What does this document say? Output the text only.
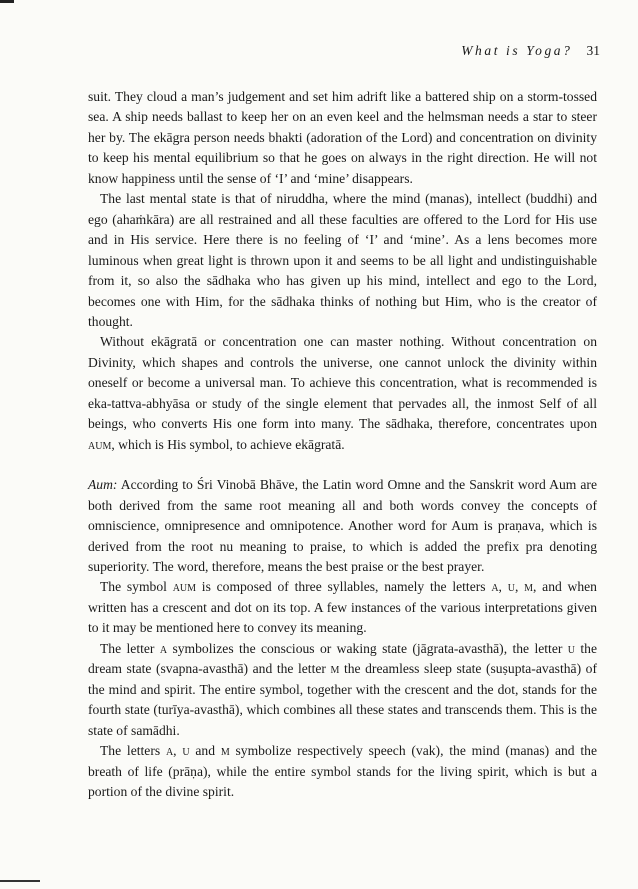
What is Yoga? 31

suit. They cloud a man’s judgement and set him adrift like a battered ship on a storm-tossed sea. A ship needs ballast to keep her on an even keel and the helmsman needs a star to steer her by. The ekāgra person needs bhakti (adoration of the Lord) and concentration on divinity to keep his mental equilibrium so that he goes on always in the right direction. He will not know happiness until the sense of ‘I’ and ‘mine’ disappears.

The last mental state is that of niruddha, where the mind (manas), intellect (buddhi) and ego (ahaṁkāra) are all restrained and all these faculties are offered to the Lord for His use and in His service. Here there is no feeling of ‘I’ and ‘mine’. As a lens becomes more luminous when great light is thrown upon it and seems to be all light and undistinguishable from it, so also the sādhaka who has given up his mind, intellect and ego to the Lord, becomes one with Him, for the sādhaka thinks of nothing but Him, who is the creator of thought.

Without ekāgratā or concentration one can master nothing. Without concentration on Divinity, which shapes and controls the universe, one cannot unlock the divinity within oneself or become a universal man. To achieve this concentration, what is recommended is eka-tattva-abhyāsa or study of the single element that pervades all, the inmost Self of all beings, who converts His one form into many. The sādhaka, therefore, concentrates upon aum, which is His symbol, to achieve ekāgratā.

Aum: According to Śri Vinobā Bhāve, the Latin word Omne and the Sanskrit word Aum are both derived from the same root meaning all and both words convey the concepts of omniscience, omnipresence and omnipotence. Another word for Aum is praṇava, which is derived from the root nu meaning to praise, to which is added the prefix pra denoting superiority. The word, therefore, means the best praise or the best prayer.

The symbol aum is composed of three syllables, namely the letters a, u, m, and when written has a crescent and dot on its top. A few instances of the various interpretations given to it may be mentioned here to convey its meaning.

The letter a symbolizes the conscious or waking state (jāgrata-avasthā), the letter u the dream state (svapna-avasthā) and the letter m the dreamless sleep state (suṣupta-avasthā) of the mind and spirit. The entire symbol, together with the crescent and the dot, stands for the fourth state (turīya-avasthā), which combines all these states and transcends them. This is the state of samādhi.

The letters a, u and m symbolize respectively speech (vak), the mind (manas) and the breath of life (prāṇa), while the entire symbol stands for the living spirit, which is but a portion of the divine spirit.
